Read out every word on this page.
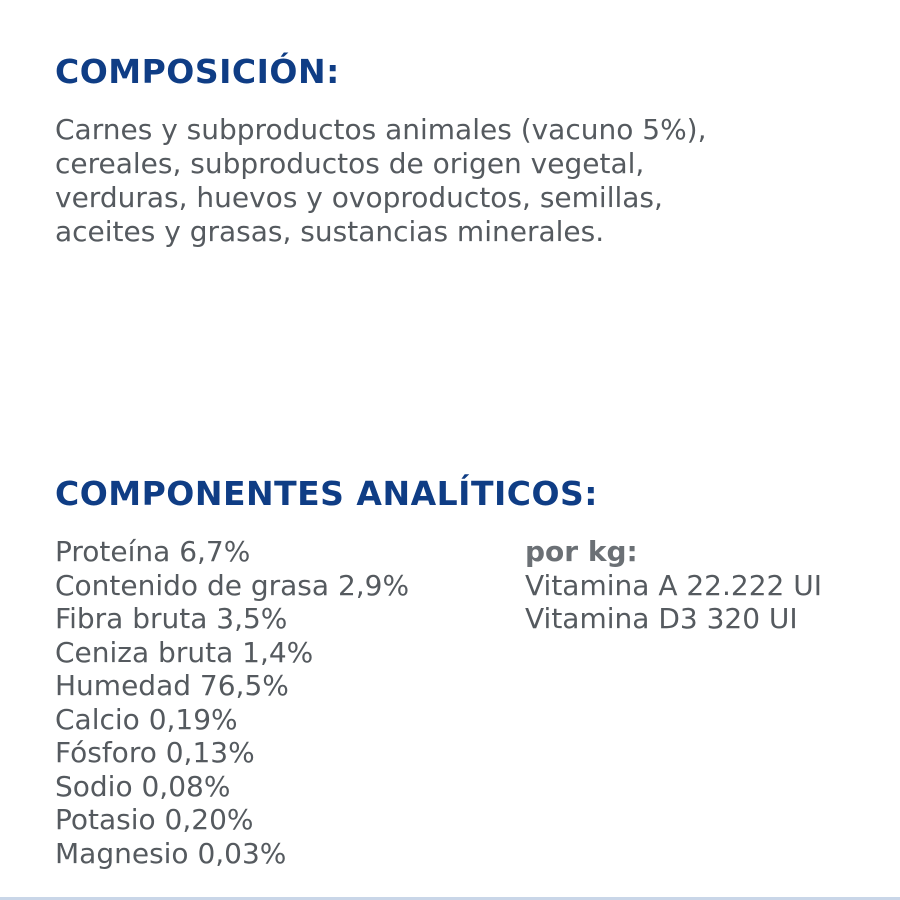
COMPOSICIÓN:

Carnes y subproductos animales (vacuno 5%),
cereales, subproductos de origen vegetal,
verduras, huevos y ovoproductos, semillas,
aceites y grasas, sustancias minerales.

COMPONENTES ANALÍTICOS:
Proteína 6,7%
Contenido de grasa 2,9%
Fibra bruta 3,5%
Ceniza bruta 1,4%
Humedad 76,5%
Calcio 0,19%
Fósforo 0,13%
Sodio 0,08%
Potasio 0,20%
Magnesio 0,03%
por kg:
Vitamina A 22.222 UI
Vitamina D3 320 UI
